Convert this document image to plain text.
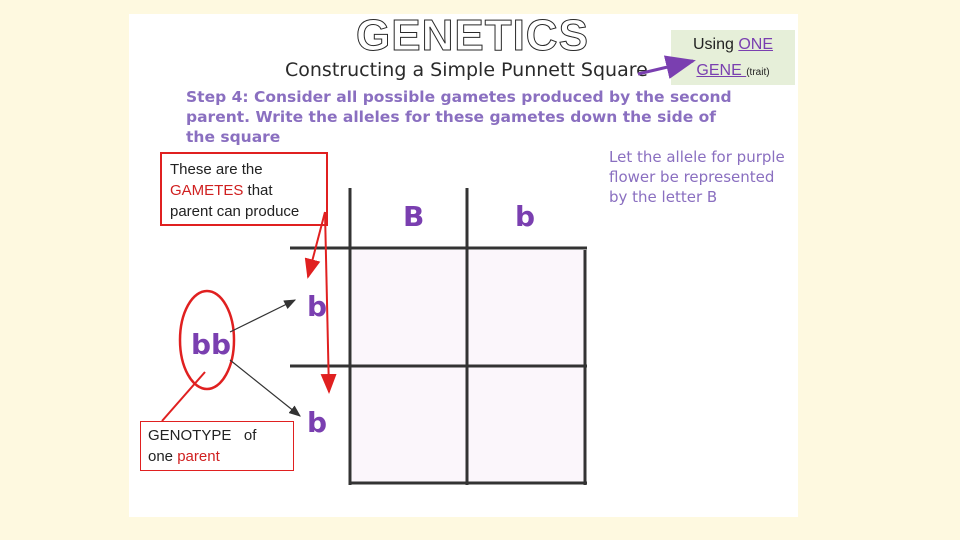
GENETICS
Constructing a Simple Punnett Square
Step 4: Consider all possible gametes produced by the second parent. Write the alleles for these gametes down the side of the square
Let the allele for purple flower be represented by the letter B
Using ONE
GENE (trait)
These are the
GAMETES that
parent can produce
GENOTYPE   of
one parent
B	b
b
b
bb
